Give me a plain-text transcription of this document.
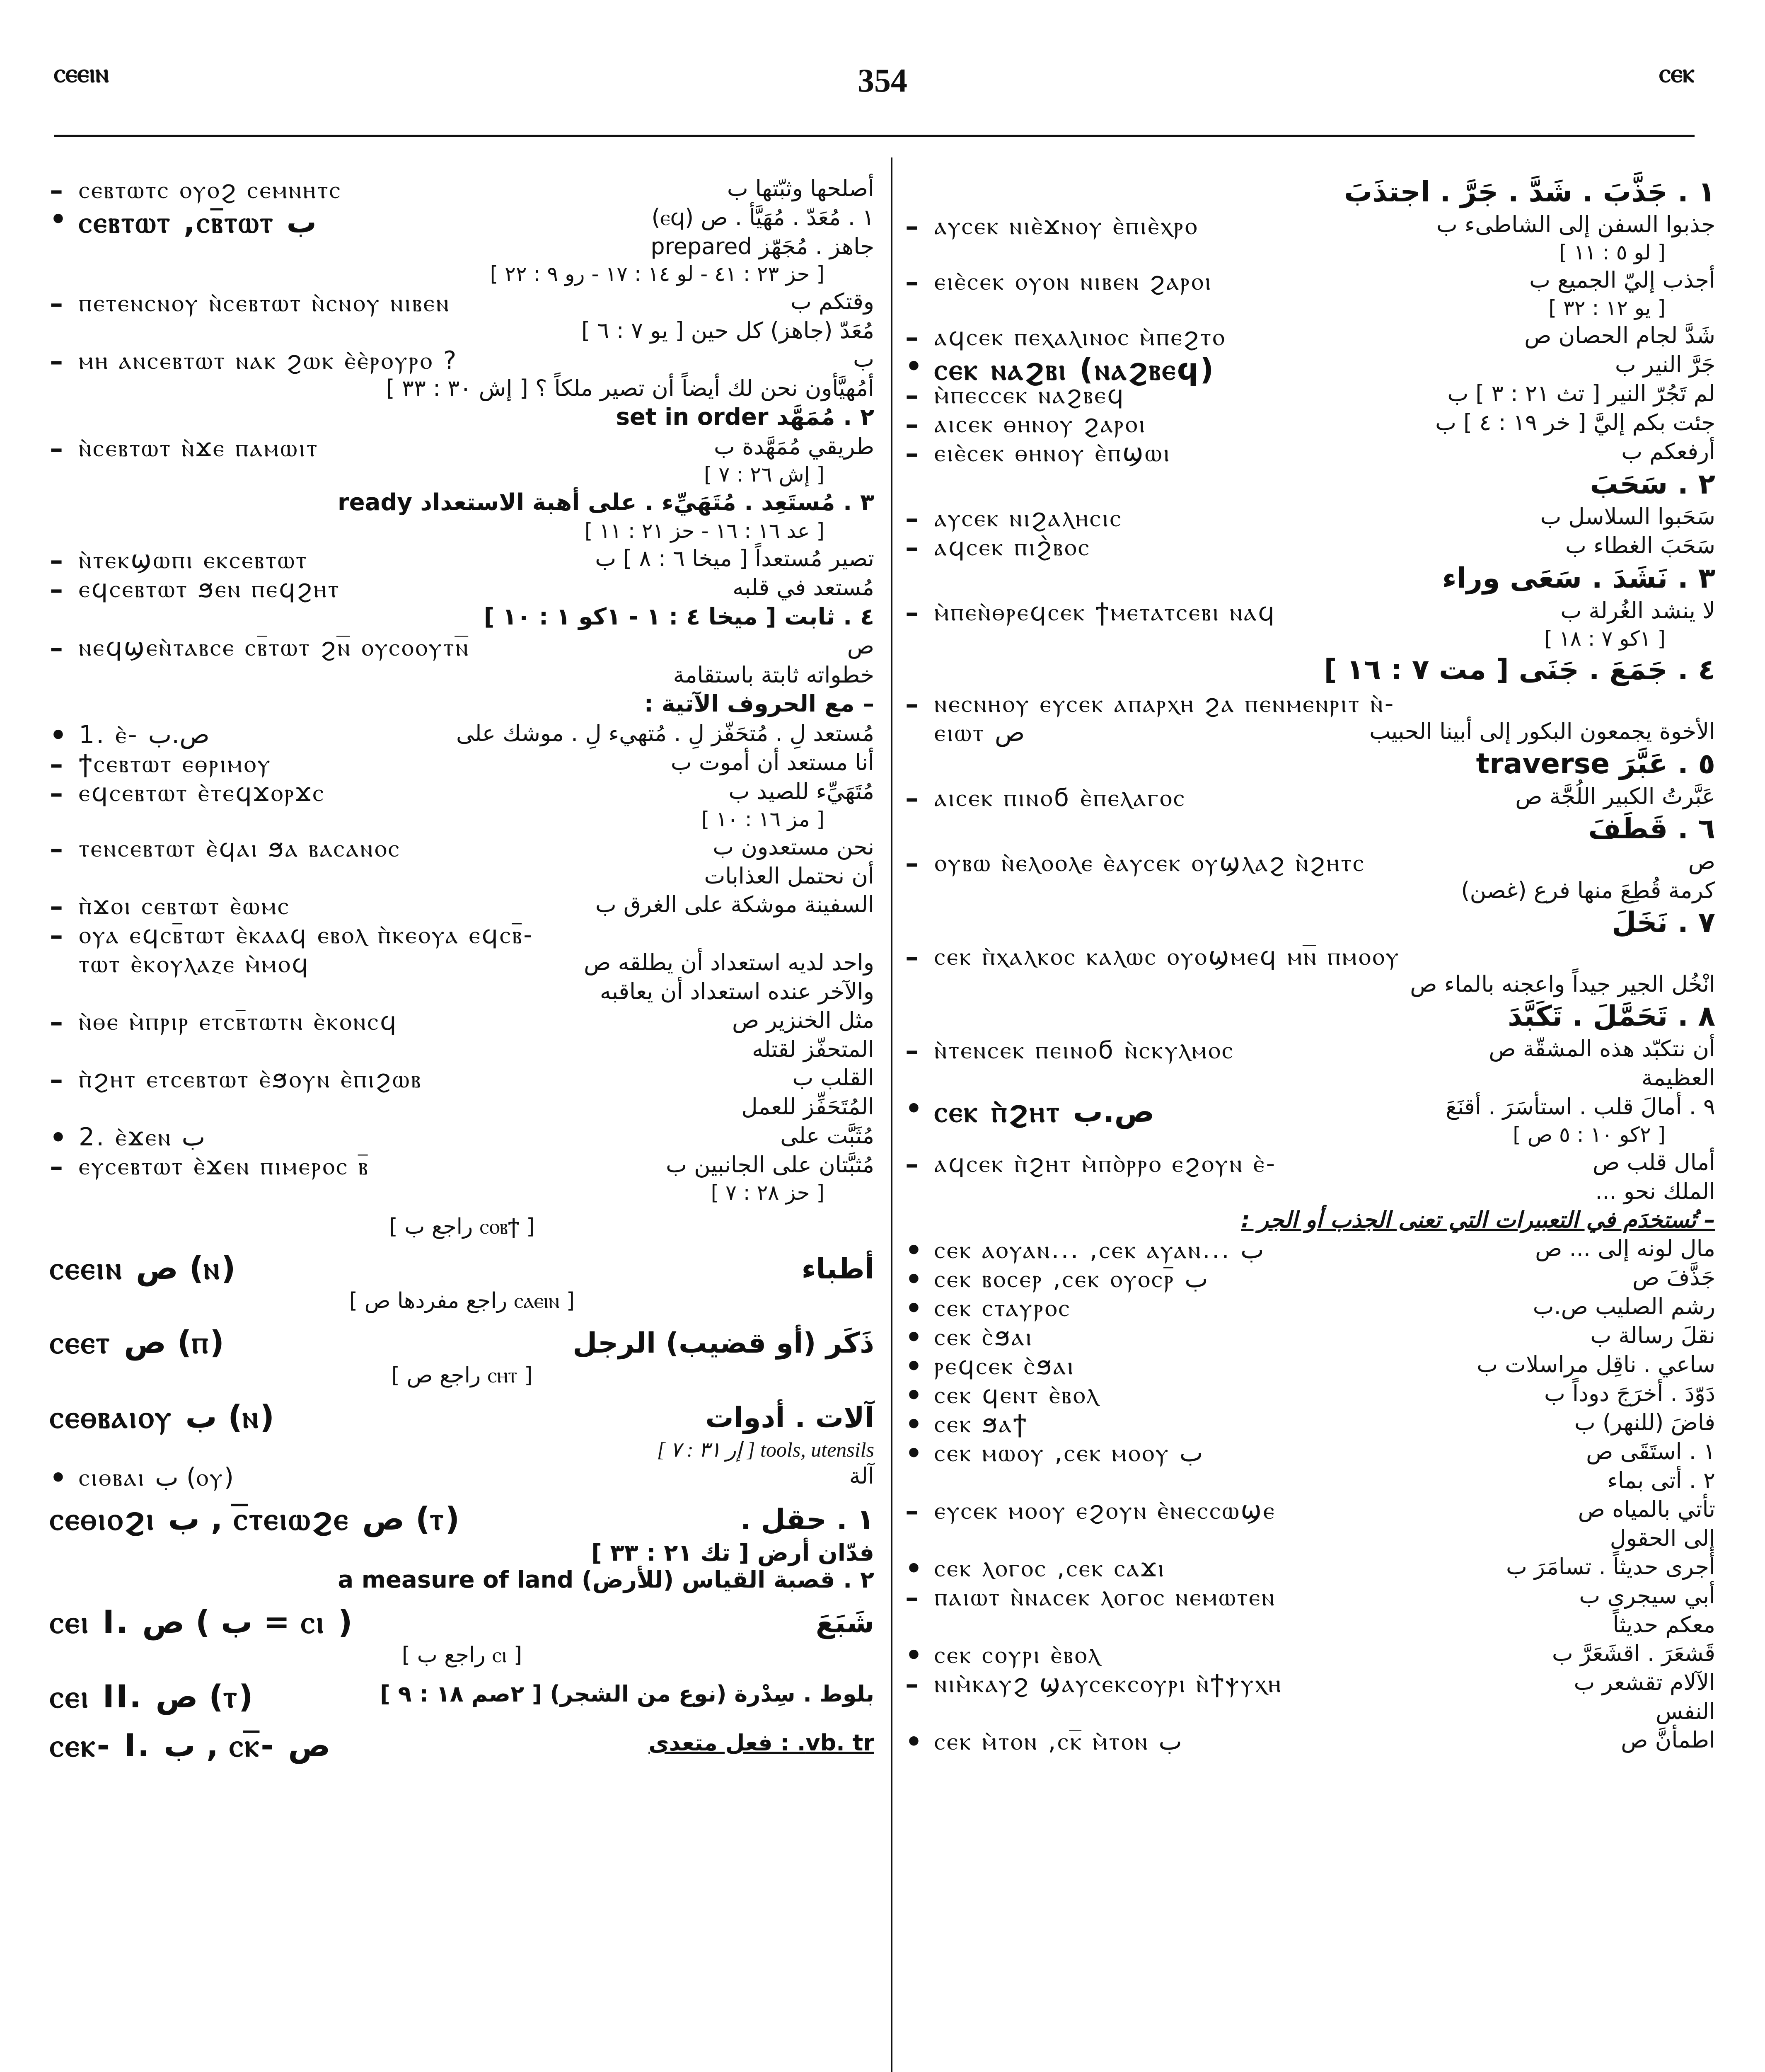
ⲥⲉⲉⲓⲛ	354	ⲥⲉⲕ
– ⲥⲉⲃⲧⲱⲧⲥ ⲟⲩⲟϩ ⲥⲉⲙⲛⲏⲧⲥ	أصلحها وثبّتها ب
• ⲥⲉⲃⲧⲱⲧ ,ⲥⲃ̅ⲧⲱⲧ ب	١ . مُعَدّ . مُهَيَّأ . ص (ⲉϥ)
جاهز . مُجَهّز prepared
[ حز ٢٣ : ٤١ - لو ١٤ : ١٧ - رو ٩ : ٢٢ ]
– ⲡⲉⲧⲉⲛⲥⲛⲟⲩ ⲛ̀ⲥⲉⲃⲧⲱⲧ ⲛ̀ⲥⲛⲟⲩ ⲛⲓⲃⲉⲛ	وقتكم ب
مُعَدّ (جاهز) كل حين [ يو ٧ : ٦ ]
– ⲙⲏ ⲁⲛⲥⲉⲃⲧⲱⲧ ⲛⲁⲕ ϩⲱⲕ ⲉ̀ⲉ̀ⲣⲟⲩⲣⲟ ?	ب
أمُهيَّأون نحن لك أيضاً أن تصير ملكاً ؟ [ إش ٣٠ : ٣٣ ]
٢ . مُمَهَّد set in order
– ⲛ̀ⲥⲉⲃⲧⲱⲧ ⲛ̀ϫⲉ ⲡⲁⲙⲱⲓⲧ	طريقي مُمَهَّدة ب
[ إش ٢٦ : ٧ ]
٣ . مُستَعِد . مُتَهَيِّء . على أهبة الاستعداد ready
[ عد ١٦ : ١٦ - حز ٢١ : ١١ ]
– ⲛ̀ⲧⲉⲕϣⲱⲡⲓ ⲉⲕⲥⲉⲃⲧⲱⲧ	تصير مُستعداً [ ميخا ٦ : ٨ ] ب
– ⲉϥⲥⲉⲃⲧⲱⲧ ϧⲉⲛ ⲡⲉϥϩⲏⲧ	مُستعد في قلبه
٤ . ثابت [ ميخا ٤ : ١ - ١كو ١ : ١٠ ]
– ⲛⲉϥϣⲉⲛ̀ⲧⲁⲃⲥⲉ ⲥⲃ̅ⲧⲱⲧ ϩⲛ̅ ⲟⲩⲥⲟⲟⲩⲧⲛ̅	ص
خطواته ثابتة باستقامة
– مع الحروف الآتية :
• 1. ⲉ̀- ص.ب	مُستعد لِ . مُتحَفّز لِ . مُتهيء لِ . موشك على
– ϯⲥⲉⲃⲧⲱⲧ ⲉⲑⲣⲓⲙⲟⲩ	أنا مستعد أن أموت ب
– ⲉϥⲥⲉⲃⲧⲱⲧ ⲉ̀ⲧⲉϥϫⲟⲣϫⲥ	مُتَهَيِّء للصيد ب
[ مز ١٦ : ١٠ ]
– ⲧⲉⲛⲥⲉⲃⲧⲱⲧ ⲉ̀ϥⲁⲓ ϧⲁ ⲃⲁⲥⲁⲛⲟⲥ	نحن مستعدون ب
أن نحتمل العذابات
– ⲡ̀ϫⲟⲓ ⲥⲉⲃⲧⲱⲧ ⲉ̀ⲱⲙⲥ	السفينة موشكة على الغرق ب
– ⲟⲩⲁ ⲉϥⲥⲃ̅ⲧⲱⲧ ⲉ̀ⲕⲁⲁϥ ⲉⲃⲟⲗ ⲡ̀ⲕⲉⲟⲩⲁ ⲉϥⲥⲃ̅-
ⲧⲱⲧ ⲉ̀ⲕⲟⲩⲗⲁⲍⲉ ⲙ̀ⲙⲟϥ	واحد لديه استعداد أن يطلقه ص
والآخر عنده استعداد أن يعاقبه
– ⲛ̀ⲑⲉ ⲙ̀ⲡⲣⲓⲣ ⲉⲧⲥⲃ̅ⲧⲱⲧⲛ ⲉ̀ⲕⲟⲛⲥϥ	مثل الخنزير ص
المتحفّز لقتله
– ⲡ̀ϩⲏⲧ ⲉⲧⲥⲉⲃⲧⲱⲧ ⲉ̀ϧⲟⲩⲛ ⲉ̀ⲡⲓϩⲱⲃ	القلب ب
المُتَحَفِّز للعمل
• 2. ⲉ̀ϫⲉⲛ ب	مُثَبَّت على
– ⲉⲩⲥⲉⲃⲧⲱⲧ ⲉ̀ϫⲉⲛ ⲡⲓⲙⲉⲣⲟⲥ ⲃ̅	مُثبَّتان على الجانبين ب
[ حز ٢٨ : ٧ ]
[ راجع ب ⲥⲟⲃϯ ]
ⲥⲉⲉⲓⲛ ص (ⲛ)	أطباء
[ راجع مفردها ص ⲥⲁⲉⲓⲛ ]
ⲥⲉⲉⲧ ص (ⲡ)	ذَكَر (أو قضيب) الرجل
[ راجع ص ⲥⲏⲧ ]
ⲥⲉⲑⲃⲁⲓⲟⲩ ب (ⲛ)	آلات . أدوات
tools, utensils [ إر ٣١ : ٧ ]
• ⲥⲓⲑⲃⲁⲓ ب (ⲟⲩ)	آلة
ⲥⲉⲑⲓⲟϩⲓ ب , ⲥ̅ⲧⲉⲓⲱϩⲉ ص (ⲧ)	١ . حقل .
فدّان أرض [ تك ٢١ : ٣٣ ]
٢ . قصبة القياس (للأرض) a measure of land
ⲥⲉⲓ I. ص ( ب = ⲥⲓ )	شَبَعَ
[ راجع ب ⲥⲓ ]
ⲥⲉⲓ II. ص (ⲧ)	بلوط . سِدْرة (نوع من الشجر) [ ٢صم ١٨ : ٩ ]
ⲥⲉⲕ- I. ب , ⲥⲕ̅- ص	vb. tr. : فعل متعدى
١ . جَذَّبَ . شَدَّ . جَرَّ . اجتذَبَ
– ⲁⲩⲥⲉⲕ ⲛⲓⲉ̀ϫⲛⲟⲩ ⲉ̀ⲡⲓⲉ̀ⲭⲣⲟ	جذبوا السفن إلى الشاطىء ب
[ لو ٥ : ١١ ]
– ⲉⲓⲉ̀ⲥⲉⲕ ⲟⲩⲟⲛ ⲛⲓⲃⲉⲛ ϩⲁⲣⲟⲓ	أجذب إليّ الجميع ب
[ يو ١٢ : ٣٢ ]
– ⲁϥⲥⲉⲕ ⲡⲉⲭⲁⲗⲓⲛⲟⲥ ⲙ̀ⲡⲉϩⲧⲟ	شَدَّ لجام الحصان ص
• ⲥⲉⲕ ⲛⲁϩⲃⲓ (ⲛⲁϩⲃⲉϥ)	جَرَّ النير ب
– ⲙ̀ⲡⲉⲥⲥⲉⲕ ⲛⲁϩⲃⲉϥ	لم تَجُرّ النير [ تث ٢١ : ٣ ] ب
– ⲁⲓⲥⲉⲕ ⲑⲏⲛⲟⲩ ϩⲁⲣⲟⲓ	جئت بكم إليَّ [ خر ١٩ : ٤ ] ب
– ⲉⲓⲉ̀ⲥⲉⲕ ⲑⲏⲛⲟⲩ ⲉ̀ⲡϣⲱⲓ	أرفعكم ب
٢ . سَحَبَ
– ⲁⲩⲥⲉⲕ ⲛⲓϩⲁⲗⲏⲥⲓⲥ	سَحَبوا السلاسل ب
– ⲁϥⲥⲉⲕ ⲡⲓϩ̀ⲃⲟⲥ	سَحَبَ الغطاء ب
٣ . نَشَدَ . سَعَى وراء
– ⲙ̀ⲡⲉⲛ̀ⲑⲣⲉϥⲥⲉⲕ ϯⲙⲉⲧⲁⲧⲥⲉⲃⲓ ⲛⲁϥ	لا ينشد الغُرلة ب
[ ١كو ٧ : ١٨ ]
٤ . جَمَعَ . جَنَى [ مت ٧ : ١٦ ]
– ⲛⲉⲥⲛⲏⲟⲩ ⲉⲩⲥⲉⲕ ⲁⲡⲁⲣⲭⲏ ϩⲁ ⲡⲉⲛⲙⲉⲛⲣⲓⲧ ⲛ̀-
ⲉⲓⲱⲧ ص	الأخوة يجمعون البكور إلى أبينا الحبيب
٥ . عَبَّرَ traverse
– ⲁⲓⲥⲉⲕ ⲡⲓⲛⲟϭ ⲉ̀ⲡⲉⲗⲁⲅⲟⲥ	عَبَّرتُ الكبير اللُجَّة ص
٦ . قَطَفَ
– ⲟⲩⲃⲱ ⲛ̀ⲉⲗⲟⲟⲗⲉ ⲉ̀ⲁⲩⲥⲉⲕ ⲟⲩϣⲗⲁϩ ⲛ̀ϩⲏⲧⲥ	ص
كرمة قُطِعَ منها فرع (غصن)
٧ . نَخَلَ
– ⲥⲉⲕ ⲡ̀ⲭⲁⲗⲕⲟⲥ ⲕⲁⲗⲱⲥ ⲟⲩⲟϣⲙⲉϥ ⲙⲛ̅ ⲡⲙⲟⲟⲩ
انْخُل الجير جيداً واعجنه بالماء ص
٨ . تَحَمَّلَ . تَكَبَّدَ
– ⲛ̀ⲧⲉⲛⲥⲉⲕ ⲡⲉⲓⲛⲟϭ ⲛ̀ⲥⲕⲩⲗⲙⲟⲥ	أن نتكبّد هذه المشقّة ص
العظيمة
• ⲥⲉⲕ ⲡ̀ϩⲏⲧ ص.ب	٩ . أمالَ قلب . استأسَرَ . أقنَعَ
[ ٢كو ١٠ : ٥ ص ]
– ⲁϥⲥⲉⲕ ⲡ̀ϩⲏⲧ ⲙ̀ⲡⲟ̀ⲣⲣⲟ ⲉϩⲟⲩⲛ ⲉ̀-	أمال قلب ص
الملك نحو ...
– تُستخدَم في التعبيرات التي تعنى الجذب أو الجر :
• ⲥⲉⲕ ⲁⲟⲩⲁⲛ... ,ⲥⲉⲕ ⲁⲩⲁⲛ... ب	مال لونه إلى ... ص
• ⲥⲉⲕ ⲃⲟⲥⲉⲣ ,ⲥⲉⲕ ⲟⲩⲟⲥⲣ̅ ب	جَذَّفَ ص
• ⲥⲉⲕ ⲥⲧⲁⲩⲣⲟⲥ	رشم الصليب ص.ب
• ⲥⲉⲕ ⲥ̀ϧⲁⲓ	نقلَ رسالة ب
• ⲣⲉϥⲥⲉⲕ ⲥ̀ϧⲁⲓ	ساعي . ناقِل مراسلات ب
• ⲥⲉⲕ ϥⲉⲛⲧ ⲉ̀ⲃⲟⲗ	دَوّدَ . أخرَجَ دوداً ب
• ⲥⲉⲕ ϧⲁϯ	فاضَ (للنهر) ب
• ⲥⲉⲕ ⲙⲱⲟⲩ ,ⲥⲉⲕ ⲙⲟⲟⲩ ب	١ . استَقَى ص
٢ . أتى بماء
– ⲉⲩⲥⲉⲕ ⲙⲟⲟⲩ ⲉϩⲟⲩⲛ ⲉ̀ⲛⲉⲥⲥⲱϣⲉ	تأتي بالمياه ص
إلى الحقول
• ⲥⲉⲕ ⲗⲟⲅⲟⲥ ,ⲥⲉⲕ ⲥⲁϫⲓ	أجرى حديثاً . تسامَرَ ب
– ⲡⲁⲓⲱⲧ ⲛ̀ⲛⲁⲥⲉⲕ ⲗⲟⲅⲟⲥ ⲛⲉⲙⲱⲧⲉⲛ	أبي سيجرى ب
معكم حديثاً
• ⲥⲉⲕ ⲥⲟⲩⲣⲓ ⲉ̀ⲃⲟⲗ	قَشعَرَ . اقشَعَرَّ ب
– ⲛⲓⲙ̀ⲕⲁⲩϩ ϣⲁⲩⲥⲉⲕⲥⲟⲩⲣⲓ ⲛ̀ϯⲯⲩⲭⲏ	الآلام تقشعر ب
النفس
• ⲥⲉⲕ ⲙ̀ⲧⲟⲛ ,ⲥⲕ̅ ⲙ̀ⲧⲟⲛ ب	اطمأنَّ ص
